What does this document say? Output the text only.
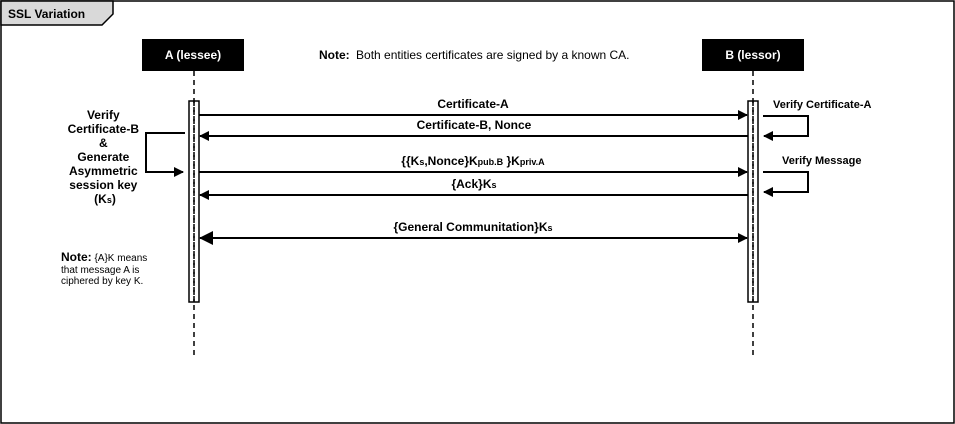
SSL Variation
A (lessee)	B (lessor)
Note: Both entities certificates are signed by a known CA.
Certificate-A
Certificate-B, Nonce
{{Ks,Nonce}Kpub.B }Kpriv.A
{Ack}Ks
{General Communitation}Ks
Verify Certificate-B & Generate Asymmetric session key (Ks)
Verify Certificate-A
Verify Message
Note: {A}K means
that message A is
ciphered by key K.
